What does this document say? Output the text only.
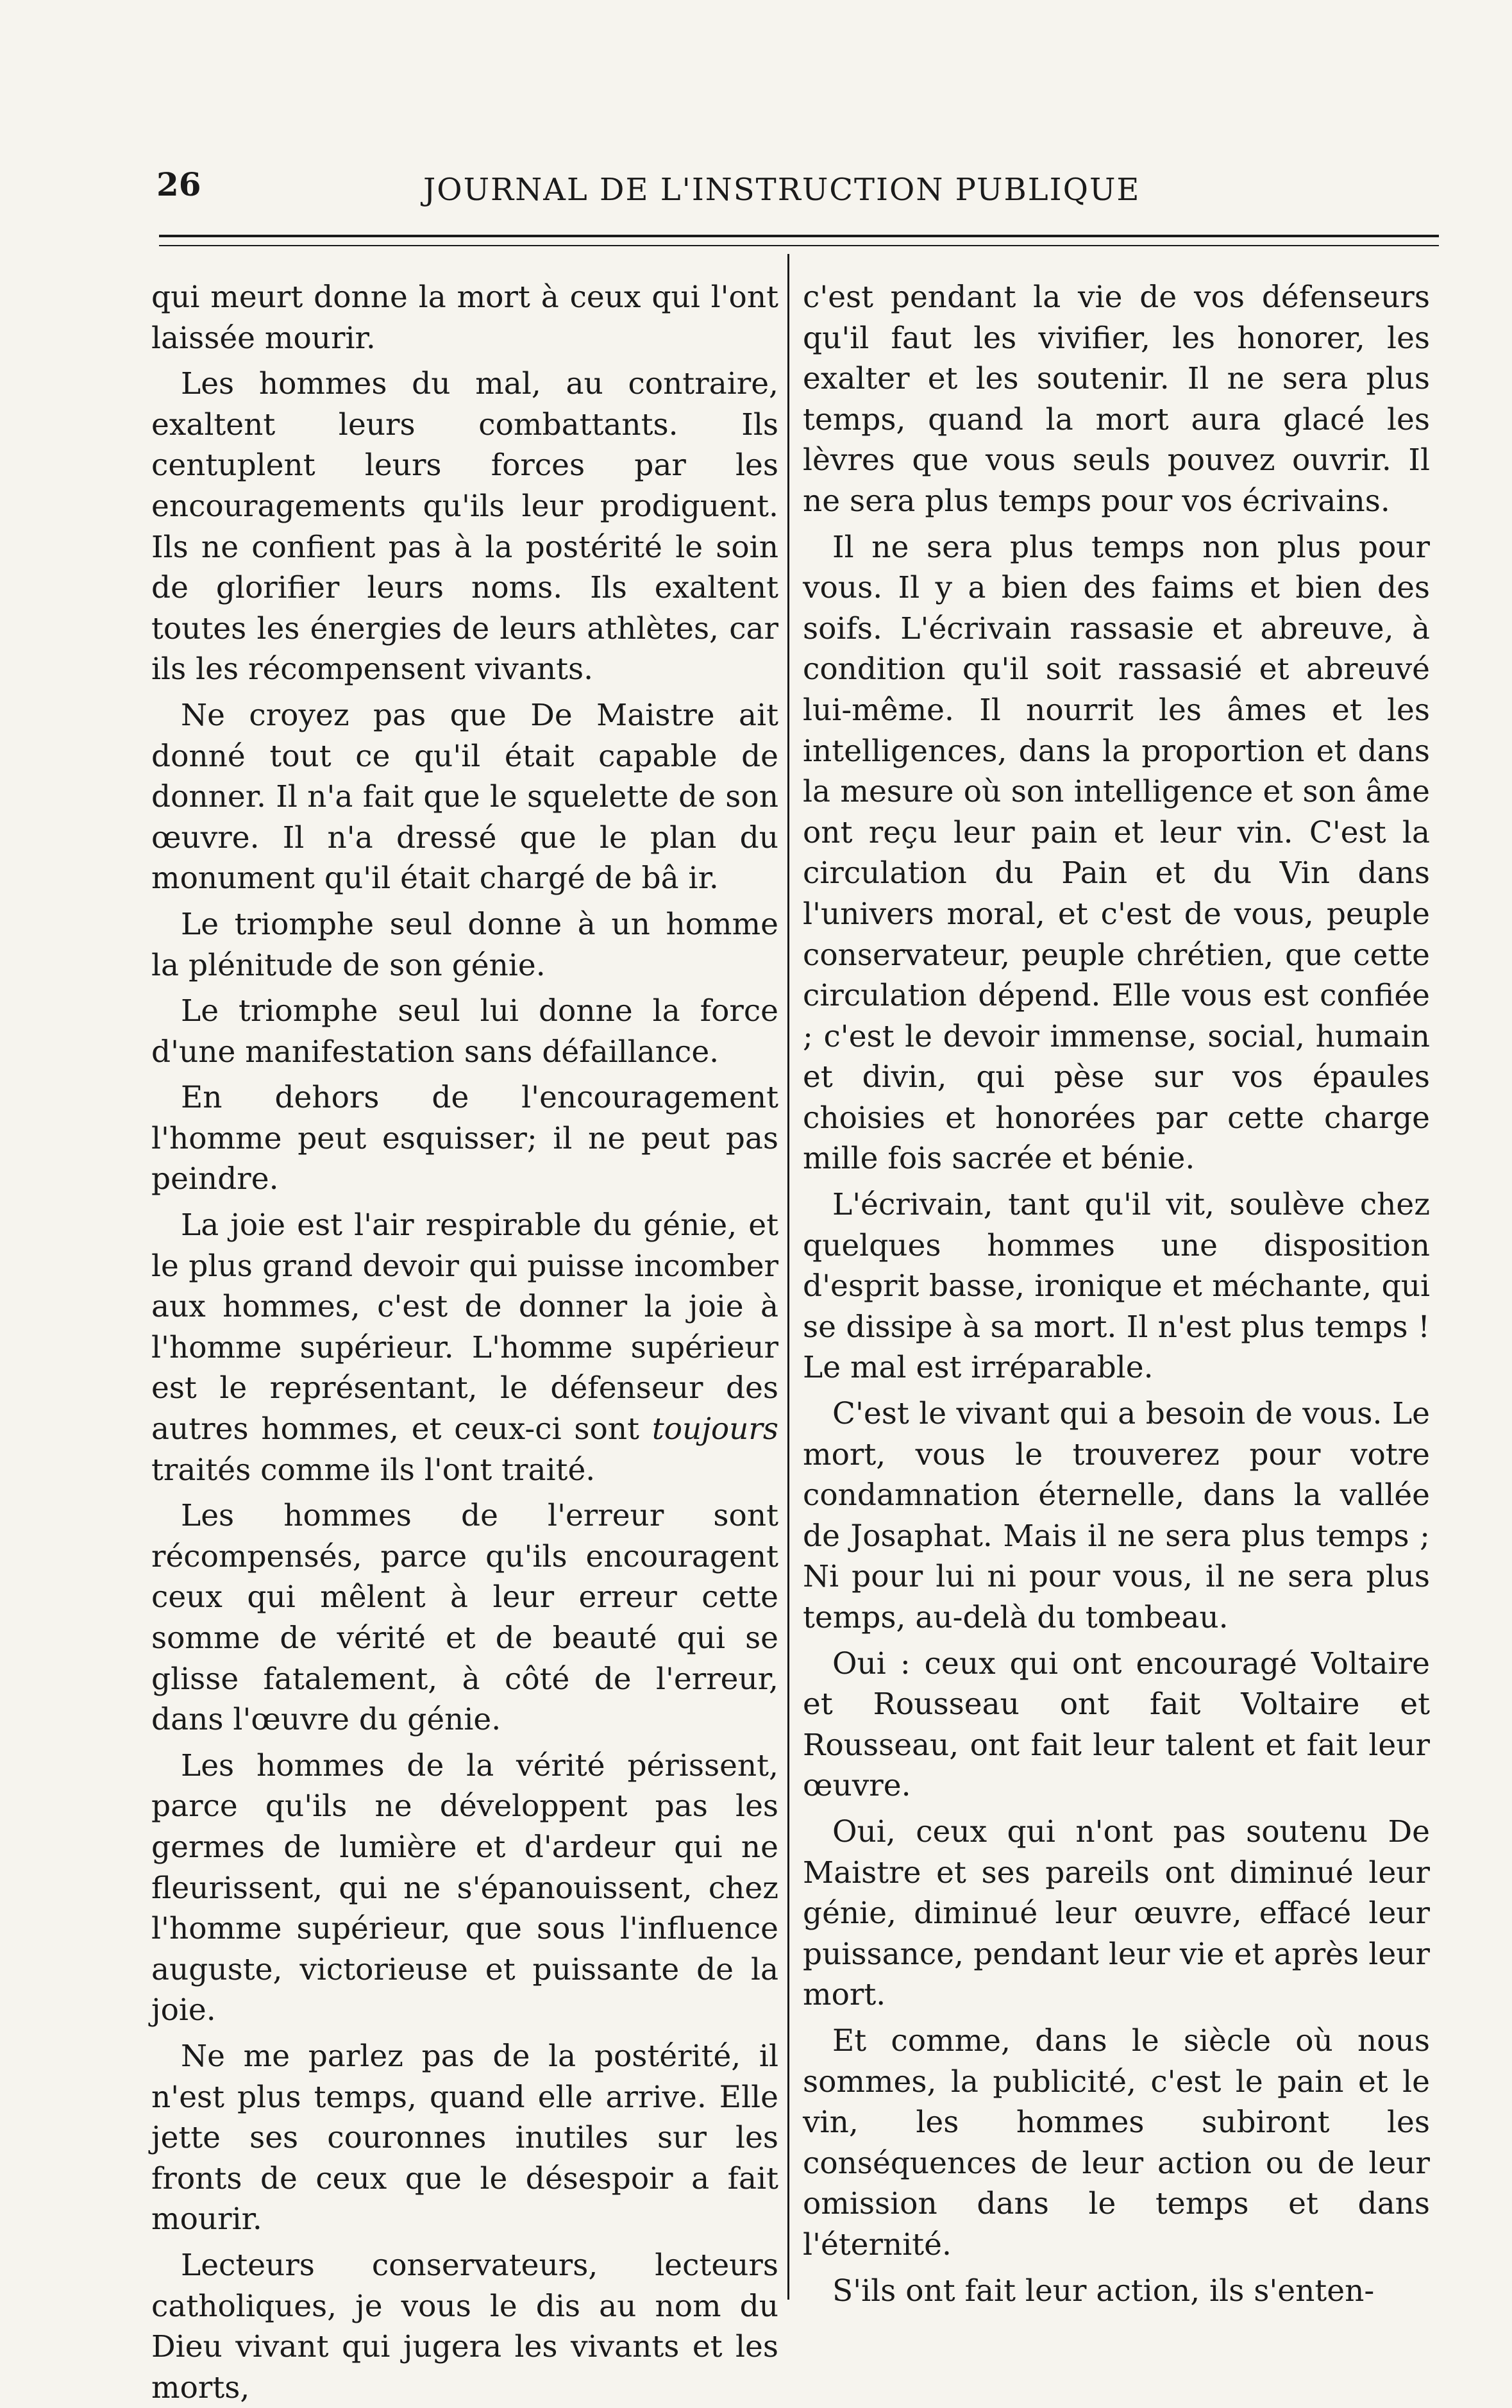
26	JOURNAL DE L'INSTRUCTION PUBLIQUE

qui meurt donne la mort à ceux qui l'ont laissée mourir.

Les hommes du mal, au contraire, exaltent leurs combattants. Ils centuplent leurs forces par les encouragements qu'ils leur prodiguent. Ils ne confient pas à la postérité le soin de glorifier leurs noms. Ils exaltent toutes les énergies de leurs athlètes, car ils les récompensent vivants.

Ne croyez pas que De Maistre ait donné tout ce qu'il était capable de donner. Il n'a fait que le squelette de son œuvre. Il n'a dressé que le plan du monument qu'il était chargé de bâ ir.

Le triomphe seul donne à un homme la plénitude de son génie.

Le triomphe seul lui donne la force d'une manifestation sans défaillance.

En dehors de l'encouragement l'homme peut esquisser; il ne peut pas peindre.

La joie est l'air respirable du génie, et le plus grand devoir qui puisse incomber aux hommes, c'est de donner la joie à l'homme supérieur. L'homme supérieur est le représentant, le défenseur des autres hommes, et ceux-ci sont toujours traités comme ils l'ont traité.

Les hommes de l'erreur sont récompensés, parce qu'ils encouragent ceux qui mêlent à leur erreur cette somme de vérité et de beauté qui se glisse fatalement, à côté de l'erreur, dans l'œuvre du génie.

Les hommes de la vérité périssent, parce qu'ils ne développent pas les germes de lumière et d'ardeur qui ne fleurissent, qui ne s'épanouissent, chez l'homme supérieur, que sous l'influence auguste, victorieuse et puissante de la joie.

Ne me parlez pas de la postérité, il n'est plus temps, quand elle arrive. Elle jette ses couronnes inutiles sur les fronts de ceux que le désespoir a fait mourir.

Lecteurs conservateurs, lecteurs catholiques, je vous le dis au nom du Dieu vivant qui jugera les vivants et les morts,

c'est pendant la vie de vos défenseurs qu'il faut les vivifier, les honorer, les exalter et les soutenir. Il ne sera plus temps, quand la mort aura glacé les lèvres que vous seuls pouvez ouvrir. Il ne sera plus temps pour vos écrivains.

Il ne sera plus temps non plus pour vous. Il y a bien des faims et bien des soifs. L'écrivain rassasie et abreuve, à condition qu'il soit rassasié et abreuvé lui-même. Il nourrit les âmes et les intelligences, dans la proportion et dans la mesure où son intelligence et son âme ont reçu leur pain et leur vin. C'est la circulation du Pain et du Vin dans l'univers moral, et c'est de vous, peuple conservateur, peuple chrétien, que cette circulation dépend. Elle vous est confiée ; c'est le devoir immense, social, humain et divin, qui pèse sur vos épaules choisies et honorées par cette charge mille fois sacrée et bénie.

L'écrivain, tant qu'il vit, soulève chez quelques hommes une disposition d'esprit basse, ironique et méchante, qui se dissipe à sa mort. Il n'est plus temps ! Le mal est irréparable.

C'est le vivant qui a besoin de vous. Le mort, vous le trouverez pour votre condamnation éternelle, dans la vallée de Josaphat. Mais il ne sera plus temps ; Ni pour lui ni pour vous, il ne sera plus temps, au-delà du tombeau.

Oui : ceux qui ont encouragé Voltaire et Rousseau ont fait Voltaire et Rousseau, ont fait leur talent et fait leur œuvre.

Oui, ceux qui n'ont pas soutenu De Maistre et ses pareils ont diminué leur génie, diminué leur œuvre, effacé leur puissance, pendant leur vie et après leur mort.

Et comme, dans le siècle où nous sommes, la publicité, c'est le pain et le vin, les hommes subiront les conséquences de leur action ou de leur omission dans le temps et dans l'éternité.

S'ils ont fait leur action, ils s'enten-
